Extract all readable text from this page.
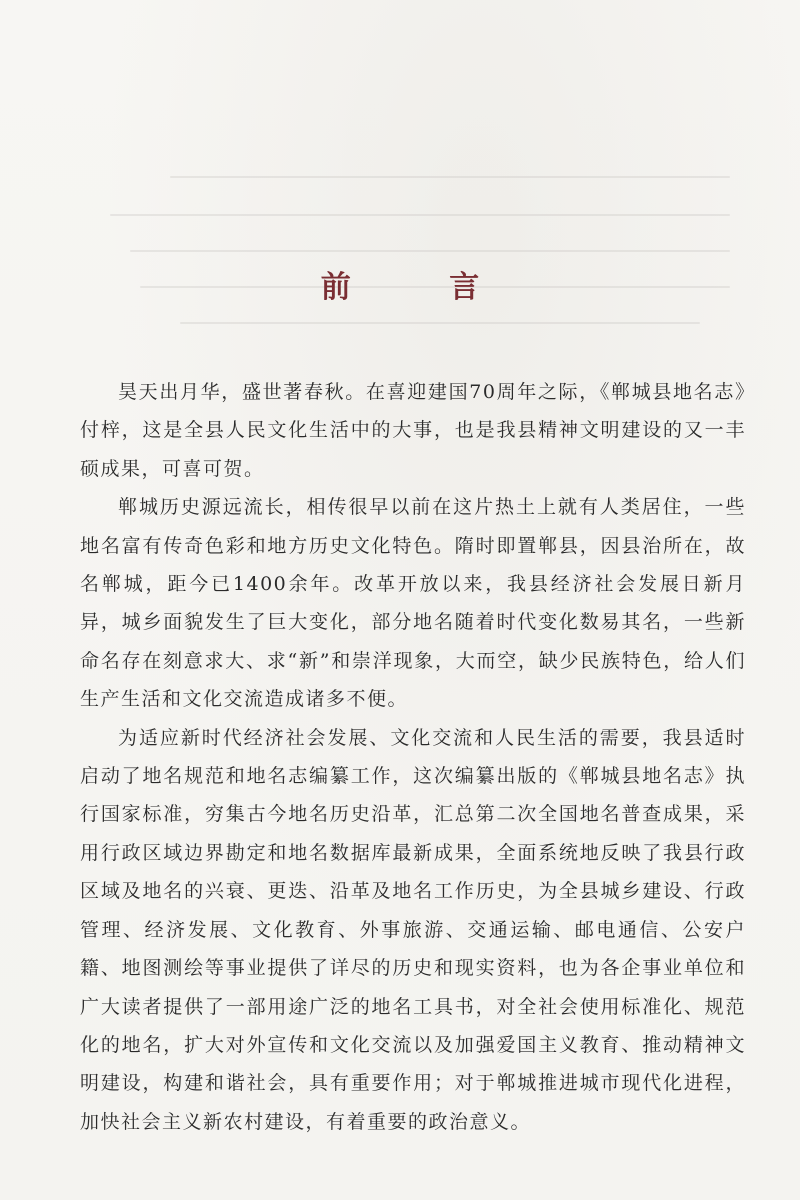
前 言

昊天出月华，盛世著春秋。在喜迎建国70周年之际，《郸城县地名志》付梓，这是全县人民文化生活中的大事，也是我县精神文明建设的又一丰硕成果，可喜可贺。

郸城历史源远流长，相传很早以前在这片热土上就有人类居住，一些地名富有传奇色彩和地方历史文化特色。隋时即置郸县，因县治所在，故名郸城，距今已1400余年。改革开放以来，我县经济社会发展日新月异，城乡面貌发生了巨大变化，部分地名随着时代变化数易其名，一些新命名存在刻意求大、求“新”和崇洋现象，大而空，缺少民族特色，给人们生产生活和文化交流造成诸多不便。

为适应新时代经济社会发展、文化交流和人民生活的需要，我县适时启动了地名规范和地名志编纂工作，这次编纂出版的《郸城县地名志》执行国家标准，穷集古今地名历史沿革，汇总第二次全国地名普查成果，采用行政区域边界勘定和地名数据库最新成果，全面系统地反映了我县行政区域及地名的兴衰、更迭、沿革及地名工作历史，为全县城乡建设、行政管理、经济发展、文化教育、外事旅游、交通运输、邮电通信、公安户籍、地图测绘等事业提供了详尽的历史和现实资料，也为各企事业单位和广大读者提供了一部用途广泛的地名工具书，对全社会使用标准化、规范化的地名，扩大对外宣传和文化交流以及加强爱国主义教育、推动精神文明建设，构建和谐社会，具有重要作用；对于郸城推进城市现代化进程，加快社会主义新农村建设，有着重要的政治意义。
